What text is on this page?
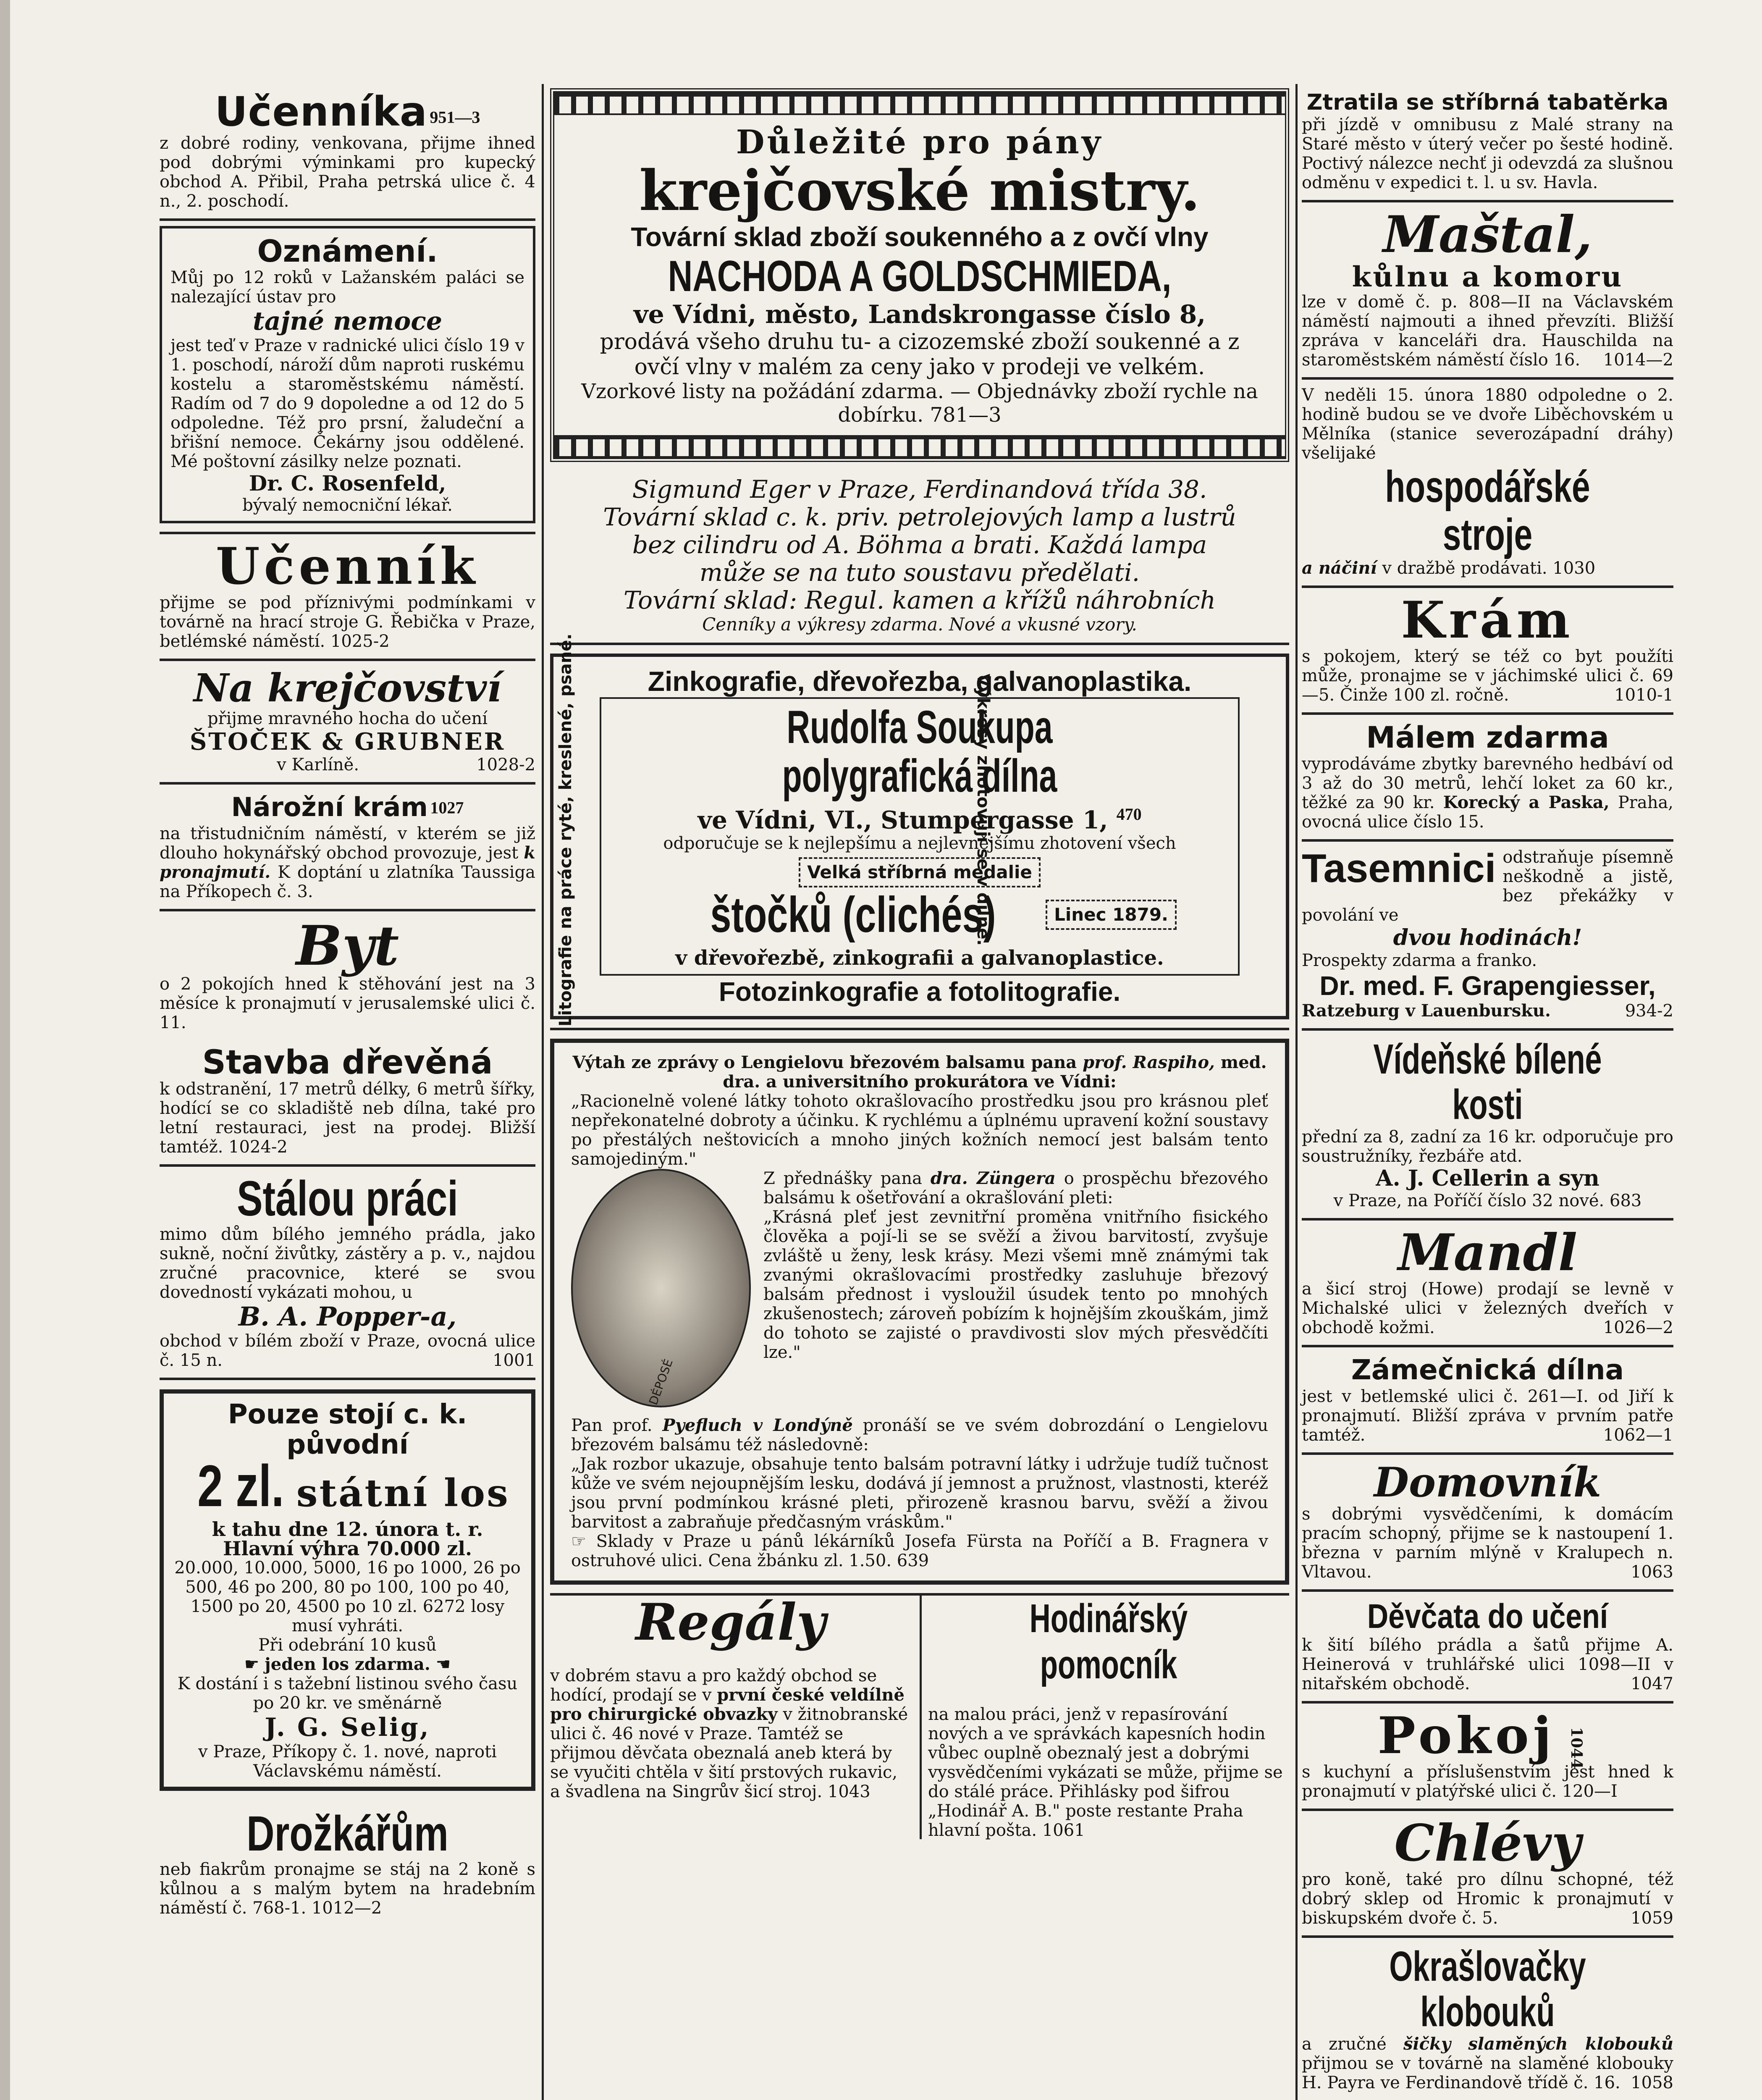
Učenníka $^{951—3}$

z dobré rodiny, venkovana, přijme ihned pod dobrými výminkami pro kupecký obchod A. Přibil, Praha petrská ulice č. 4 n., 2. poschodí.

Oznámení.

Můj po 12 roků v Lažanském paláci se nalezající ústav pro

tajné nemoce

jest teď v Praze v radnické ulici číslo 19 v 1. poschodí, nároží dům naproti ruskému kostelu a staroměstskému náměstí. Radím od 7 do 9 dopoledne a od 12 do 5 odpoledne. Též pro prsní, žaludeční a břišní nemoce. Čekárny jsou oddělené. Mé poštovní zásilky nelze poznati.

Dr. C. Rosenfeld,
bývalý nemocniční lékař.
Učenník

přijme se pod příznivými podmínkami v továrně na hrací stroje G. Řebička v Praze, betlémské náměstí. 1025-2

Na krejčovství

přijme mravného hocha do učení

ŠTOČEK & GRUBNER
v Karlíně.	1028-2
Nárožní krám $^{1027}$

na třistudničním náměstí, v kterém se již dlouho hokynářský obchod provozuje, jest k pronajmutí. K doptání u zlatníka Taussiga na Příkopech č. 3.

Byt

o 2 pokojích hned k stěhování jest na 3 měsíce k pronajmutí v jerusalemské ulici č. 11.

Stavba dřevěná

k odstranění, 17 metrů délky, 6 metrů šířky, hodící se co skladiště neb dílna, také pro letní restauraci, jest na prodej. Bližší tamtéž. 1024-2

Stálou práci

mimo dům bílého jemného prádla, jako sukně, noční živůtky, zástěry a p. v., najdou zručné pracovnice, které se svou dovedností vykázati mohou, u

B. A. Popper-a,

obchod v bílém zboží v Praze, ovocná ulice č. 15 n.	1001

Pouze stojí c. k. původní
2 zl. státní los
k tahu dne 12. února t. r.
Hlavní výhra 70.000 zl.

20.000, 10.000, 5000, 16 po 1000, 26 po 500, 46 po 200, 80 po 100, 100 po 40, 1500 po 20, 4500 po 10 zl. 6272 losy musí vyhráti.

Při odebrání 10 kusů
☛ jeden los zdarma. ☚

K dostání i s tažební listinou svého času po 20 kr. ve směnárně

J. G. Selig,

v Praze, Příkopy č. 1. nové, naproti Václavskému náměstí.

Drožkářům

neb fiakrům pronajme se stáj na 2 koně s kůlnou a s malým bytem na hradebním náměstí č. 768-1. 1012—2

Důležité pro pány
krejčovské mistry.
Tovární sklad zboží soukenného a z ovčí vlny
NACHODA A GOLDSCHMIEDA,
ve Vídni, město, Landskrongasse číslo 8,

prodává všeho druhu tu- a cizozemské zboží soukenné a z ovčí vlny v malém za ceny jako v prodeji ve velkém.

Vzorkové listy na požádání zdarma. — Objednávky zboží rychle na dobírku. 781—3

Sigmund Eger v Praze, Ferdinandová třída 38.
Tovární sklad c. k. priv. petrolejových lamp a lustrů
bez cilindru od A. Böhma a brati. Každá lampa
může se na tuto soustavu předělati.
Tovární sklad: Regul. kamen a křížů náhrobních
Cenníky a výkresy zdarma. Nové a vkusné vzory.
Litografie na práce ryté, kreslené, psané.	Výkresy zhotovují se v dílně.
Zinkografie, dřevořezba, galvanoplastika.
Rudolfa Soukupa polygrafická dílna
ve Vídni, VI., Stumpergasse 1, $^{470}$

odporučuje se k nejlepšímu a nejlevnějšímu zhotovení všech

Velká stříbrná medalie štočků (clichés)	Linec 1879.
v dřevořezbě, zinkografii a galvanoplastice.
Fotozinkografie a fotolitografie.

Výtah ze zprávy o Lengielovu březovém balsamu pana prof. Raspiho, med. dra. a universitního prokurátora ve Vídni:

„Racionelně volené látky tohoto okrašlovacího prostředku jsou pro krásnou pleť nepřekonatelné dobroty a účinku. K rychlému a úplnému upravení kožní soustavy po přestálých neštovicích a mnoho jiných kožních nemocí jest balsám tento samojediným."

DÉPOSÉ

Z přednášky pana dra. Züngera o prospěchu březového balsámu k ošetřování a okrašlování pleti:

„Krásná pleť jest zevnitřní proměna vnitřního fisického člověka a pojí-li se se svěží a živou barvitostí, zvyšuje zvláště u ženy, lesk krásy. Mezi všemi mně známými tak zvanými okrašlovacími prostředky zasluhuje březový balsám přednost i vysloužil úsudek tento po mnohých zkušenostech; zároveň pobízím k hojnějším zkouškám, jimž do tohoto se zajisté o pravdivosti slov mých přesvědčíti lze."

Pan prof. Pyefluch v Londýně pronáší se ve svém dobrozdání o Lengielovu březovém balsámu též následovně:

„Jak rozbor ukazuje, obsahuje tento balsám potravní látky i udržuje tudíž tučnost kůže ve svém nejoupnějším lesku, dodává jí jemnost a pružnost, vlastnosti, kteréž jsou první podmínkou krásné pleti, přirozeně krasnou barvu, svěží a živou barvitost a zabraňuje předčasným vráskům."

☞ Sklady v Praze u pánů lékárníků Josefa Fürsta na Poříčí a B. Fragnera v ostruhové ulici. Cena žbánku zl. 1.50. 639

Regály

v dobrém stavu a pro každý obchod se hodící, prodají se v první české veldílně pro chirurgické obvazky v žitnobranské ulici č. 46 nové v Praze. Tamtéž se přijmou děvčata obeznalá aneb která by se vyučiti chtěla v šití prstových rukavic, a švadlena na Singrův šicí stroj. 1043

Hodinářský pomocník

na malou práci, jenž v repasírování nových a ve správkách kapesních hodin vůbec ouplně obeznalý jest a dobrými vysvědčeními vykázati se může, přijme se do stálé práce. Přihlásky pod šifrou „Hodinář A. B." poste restante Praha hlavní pošta. 1061

Ztratila se stříbrná tabatěrka

při jízdě v omnibusu z Malé strany na Staré město v úterý večer po šesté hodině. Poctivý nálezce nechť ji odevzdá za slušnou odměnu v expedici t. l. u sv. Havla.

Maštal,
kůlnu a komoru

lze v domě č. p. 808—II na Václavském náměstí najmouti a ihned převzíti. Bližší zpráva v kanceláři dra. Hauschilda na staroměstském náměstí číslo 16. 1014—2

V neděli 15. února 1880 odpoledne o 2. hodině budou se ve dvoře Liběchovském u Mělníka (stanice severozápadní dráhy) všelijaké

hospodářské stroje

a náčiní v dražbě prodávati. 1030

Krám

s pokojem, který se též co byt použíti může, pronajme se v jáchimské ulici č. 69—5. Činže 100 zl. ročně.	1010-1

Málem zdarma

vyprodáváme zbytky barevného hedbáví od 3 až do 30 metrů, lehčí loket za 60 kr., těžké za 90 kr. Korecký a Paska, Praha, ovocná ulice číslo 15.

Tasemnici odstraňuje písemně neškodně a jistě, bez překážky v povolání ve

dvou hodinách!

Prospekty zdarma a franko.

Dr. med. F. Grapengiesser,

Ratzeburg v Lauenbursku.	934-2

Vídeňské bílené kosti

přední za 8, zadní za 16 kr. odporučuje pro soustružníky, řezbáře atd.

A. J. Cellerin a syn

v Praze, na Poříčí číslo 32 nové. 683

Mandl

a šicí stroj (Howe) prodají se levně v Michalské ulici v železných dveřích v obchodě kožmi.	1026—2

Zámečnická dílna

jest v betlemské ulici č. 261—I. od Jiří k pronajmutí. Bližší zpráva v prvním patře tamtéž.	1062—1

Domovník

s dobrými vysvědčeními, k domácím pracím schopný, přijme se k nastoupení 1. března v parním mlýně v Kralupech n. Vltavou.	1063

Děvčata do učení

k šití bílého prádla a šatů přijme A. Heinerová v truhlářské ulici 1098—II v nitařském obchodě.	1047

Pokoj 1044

s kuchyní a příslušenstvím jest hned k pronajmutí v platýřské ulici č. 120—I

Chlévy

pro koně, také pro dílnu schopné, též dobrý sklep od Hromic k pronajmutí v biskupském dvoře č. 5.	1059

Okrašlovačky klobouků

a zručné šičky slaměných klobouků přijmou se v továrně na slaměné klobouky H. Payra ve Ferdinandově třídě č. 16. 1058
